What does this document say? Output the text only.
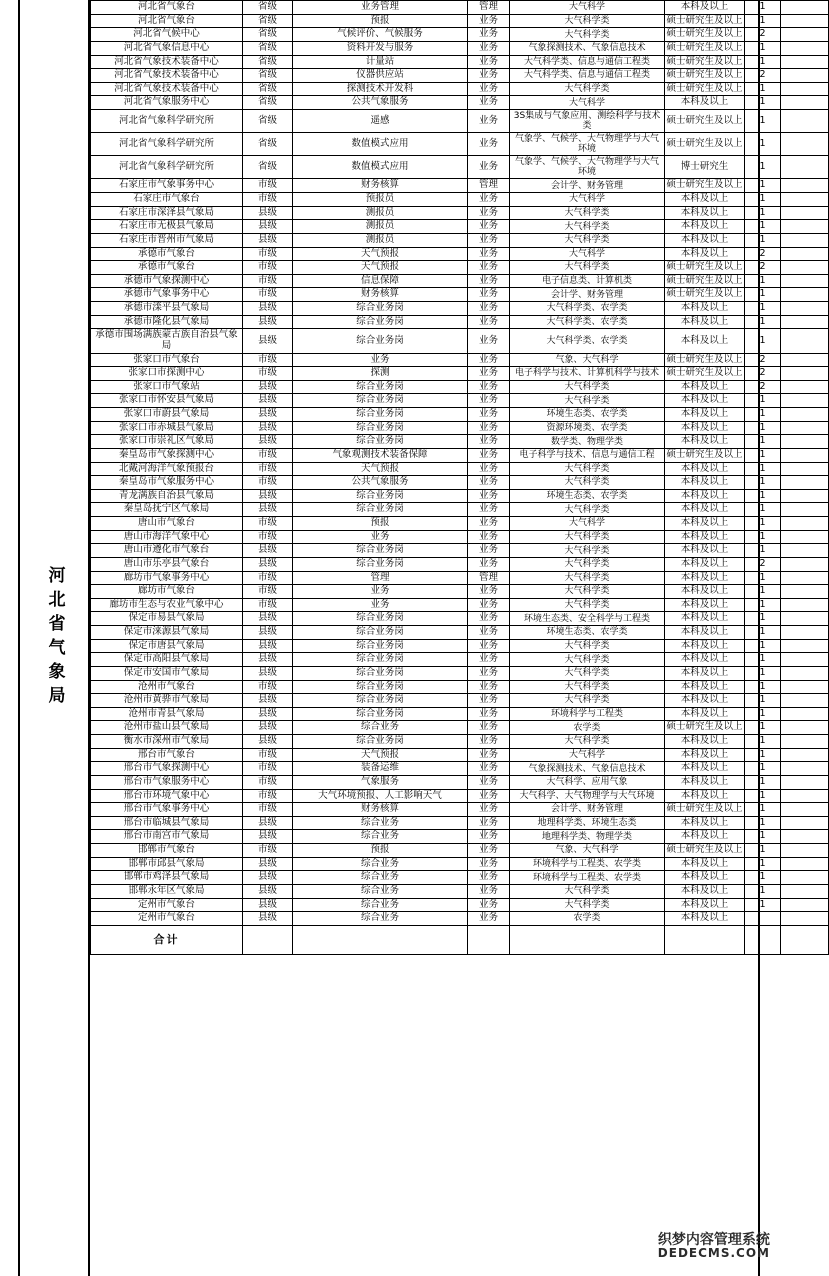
河北省气象局
河北省气象台	省级	业务管理	管理	大气科学	本科及以上	1	
河北省气象台	省级	预报	业务	大气科学类	硕士研究生及以上	1	
河北省气候中心	省级	气候评价、气候服务	业务	大气科学类	硕士研究生及以上	2	
河北省气象信息中心	省级	资料开发与服务	业务	气象探测技术、气象信息技术	硕士研究生及以上	1	
河北省气象技术装备中心	省级	计量站	业务	大气科学类、信息与通信工程类	硕士研究生及以上	1	
河北省气象技术装备中心	省级	仪器供应站	业务	大气科学类、信息与通信工程类	硕士研究生及以上	2	
河北省气象技术装备中心	省级	探测技术开发科	业务	大气科学类	硕士研究生及以上	1	
河北省气象服务中心	省级	公共气象服务	业务	大气科学	本科及以上	1	
河北省气象科学研究所	省级	遥感	业务	3S集成与气象应用、测绘科学与技术类	硕士研究生及以上	1	
河北省气象科学研究所	省级	数值模式应用	业务	气象学、气候学、大气物理学与大气环境	硕士研究生及以上	1	
河北省气象科学研究所	省级	数值模式应用	业务	气象学、气候学、大气物理学与大气环境	博士研究生	1	
石家庄市气象事务中心	市级	财务核算	管理	会计学、财务管理	硕士研究生及以上	1	
石家庄市气象台	市级	预报员	业务	大气科学	本科及以上	1	
石家庄市深泽县气象局	县级	测报员	业务	大气科学类	本科及以上	1	
石家庄市无极县气象局	县级	测报员	业务	大气科学类	本科及以上	1	
石家庄市晋州市气象局	县级	测报员	业务	大气科学类	本科及以上	1	
承德市气象台	市级	天气预报	业务	大气科学	本科及以上	2	
承德市气象台	市级	天气预报	业务	大气科学类	硕士研究生及以上	2	
承德市气象探测中心	市级	信息保障	业务	电子信息类、计算机类	硕士研究生及以上	1	
承德市气象事务中心	市级	财务核算	业务	会计学、财务管理	硕士研究生及以上	1	
承德市滦平县气象局	县级	综合业务岗	业务	大气科学类、农学类	本科及以上	1	
承德市隆化县气象局	县级	综合业务岗	业务	大气科学类、农学类	本科及以上	1	
承德市围场满族蒙古族自治县气象局	县级	综合业务岗	业务	大气科学类、农学类	本科及以上	1	
张家口市气象台	市级	业务	业务	气象、大气科学	硕士研究生及以上	2	
张家口市探测中心	市级	探测	业务	电子科学与技术、计算机科学与技术	硕士研究生及以上	2	
张家口市气象站	县级	综合业务岗	业务	大气科学类	本科及以上	2	
张家口市怀安县气象局	县级	综合业务岗	业务	大气科学类	本科及以上	1	
张家口市蔚县气象局	县级	综合业务岗	业务	环境生态类、农学类	本科及以上	1	
张家口市赤城县气象局	县级	综合业务岗	业务	资源环境类、农学类	本科及以上	1	
张家口市崇礼区气象局	县级	综合业务岗	业务	数学类、物理学类	本科及以上	1	
秦皇岛市气象探测中心	市级	气象观测技术装备保障	业务	电子科学与技术、信息与通信工程	硕士研究生及以上	1	
北戴河海洋气象预报台	市级	天气预报	业务	大气科学类	本科及以上	1	
秦皇岛市气象服务中心	市级	公共气象服务	业务	大气科学类	本科及以上	1	
青龙满族自治县气象局	县级	综合业务岗	业务	环境生态类、农学类	本科及以上	1	
秦皇岛抚宁区气象局	县级	综合业务岗	业务	大气科学类	本科及以上	1	
唐山市气象台	市级	预报	业务	大气科学	本科及以上	1	
唐山市海洋气象中心	市级	业务	业务	大气科学类	本科及以上	1	
唐山市遵化市气象台	县级	综合业务岗	业务	大气科学类	本科及以上	1	
唐山市乐亭县气象台	县级	综合业务岗	业务	大气科学类	本科及以上	2	
廊坊市气象事务中心	市级	管理	管理	大气科学类	本科及以上	1	
廊坊市气象台	市级	业务	业务	大气科学类	本科及以上	1	
廊坊市生态与农业气象中心	市级	业务	业务	大气科学类	本科及以上	1	
保定市易县气象局	县级	综合业务岗	业务	环境生态类、安全科学与工程类	本科及以上	1	
保定市涞源县气象局	县级	综合业务岗	业务	环境生态类、农学类	本科及以上	1	
保定市唐县气象局	县级	综合业务岗	业务	大气科学类	本科及以上	1	
保定市高阳县气象局	县级	综合业务岗	业务	大气科学类	本科及以上	1	
保定市安国市气象局	县级	综合业务岗	业务	大气科学类	本科及以上	1	
沧州市气象台	市级	综合业务岗	业务	大气科学类	本科及以上	1	
沧州市黄骅市气象局	县级	综合业务岗	业务	大气科学类	本科及以上	1	
沧州市青县气象局	县级	综合业务岗	业务	环境科学与工程类	本科及以上	1	
沧州市盐山县气象局	县级	综合业务	业务	农学类	硕士研究生及以上	1	
衡水市深州市气象局	县级	综合业务岗	业务	大气科学类	本科及以上	1	
邢台市气象台	市级	天气预报	业务	大气科学	本科及以上	1	
邢台市气象探测中心	市级	装备运维	业务	气象探测技术、气象信息技术	本科及以上	1	
邢台市气象服务中心	市级	气象服务	业务	大气科学、应用气象	本科及以上	1	
邢台市环境气象中心	市级	大气环境预报、人工影响天气	业务	大气科学、大气物理学与大气环境	本科及以上	1	
邢台市气象事务中心	市级	财务核算	业务	会计学、财务管理	硕士研究生及以上	1	
邢台市临城县气象局	县级	综合业务	业务	地理科学类、环境生态类	本科及以上	1	
邢台市南宫市气象局	县级	综合业务	业务	地理科学类、物理学类	本科及以上	1	
邯郸市气象台	市级	预报	业务	气象、大气科学	硕士研究生及以上	1	
邯郸市邱县气象局	县级	综合业务	业务	环境科学与工程类、农学类	本科及以上	1	
邯郸市鸡泽县气象局	县级	综合业务	业务	环境科学与工程类、农学类	本科及以上	1	
邯郸永年区气象局	县级	综合业务	业务	大气科学类	本科及以上	1	
定州市气象台	县级	综合业务	业务	大气科学类	本科及以上	1	
定州市气象台	县级	综合业务	业务	农学类	本科及以上		
合计							
织梦内容管理系统
DEDECMS.COM
